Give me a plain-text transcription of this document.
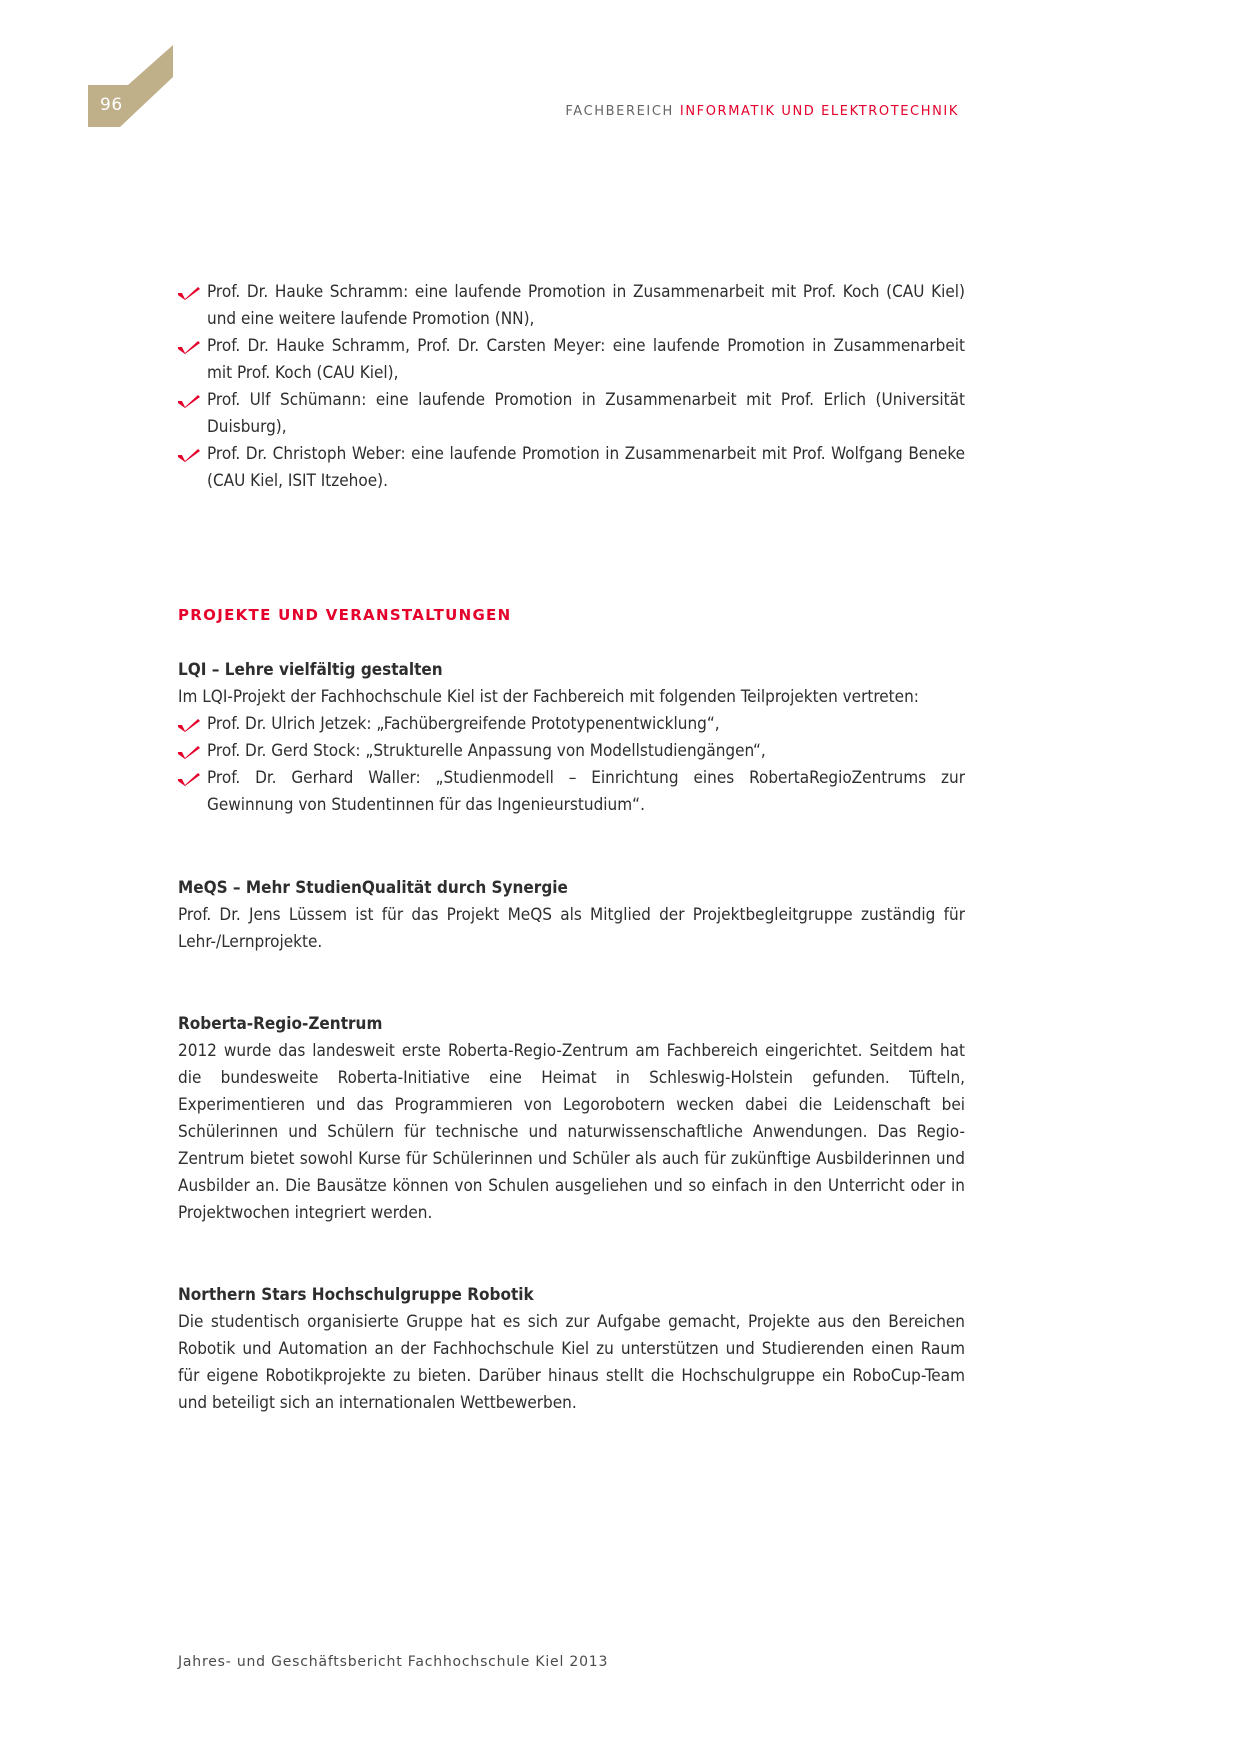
96	FACHBEREICH INFORMATIK UND ELEKTROTECHNIK
Prof. Dr. Hauke Schramm: eine laufende Promotion in Zusammenarbeit mit Prof. Koch (CAU Kiel) und eine weitere laufende Promotion (NN),
Prof. Dr. Hauke Schramm, Prof. Dr. Carsten Meyer: eine laufende Promotion in Zusammenarbeit mit Prof. Koch (CAU Kiel),
Prof. Ulf Schümann: eine laufende Promotion in Zusammenarbeit mit Prof. Erlich (Universität Duisburg),
Prof. Dr. Christoph Weber: eine laufende Promotion in Zusammenarbeit mit Prof. Wolfgang Beneke (CAU Kiel, ISIT Itzehoe).
PROJEKTE UND VERANSTALTUNGEN
LQI – Lehre vielfältig gestalten

Im LQI-Projekt der Fachhochschule Kiel ist der Fachbereich mit folgenden Teilprojekten vertreten:

Prof. Dr. Ulrich Jetzek: „Fachübergreifende Prototypenentwicklung“,
Prof. Dr. Gerd Stock: „Strukturelle Anpassung von Modellstudiengängen“,
Prof. Dr. Gerhard Waller: „Studienmodell – Einrichtung eines RobertaRegioZentrums zur Gewinnung von Studentinnen für das Ingenieurstudium“.
MeQS – Mehr StudienQualität durch Synergie

Prof. Dr. Jens Lüssem ist für das Projekt MeQS als Mitglied der Projektbegleitgruppe zuständig für Lehr-/Lernprojekte.

Roberta-Regio-Zentrum

2012 wurde das landesweit erste Roberta-Regio-Zentrum am Fachbereich eingerichtet. Seitdem hat die bundesweite Roberta-Initiative eine Heimat in Schleswig-Holstein gefunden. Tüfteln, Experimentieren und das Programmieren von Legorobotern wecken dabei die Leidenschaft bei Schülerinnen und Schülern für technische und naturwissenschaftliche Anwendungen. Das Regio-Zentrum bietet sowohl Kurse für Schülerinnen und Schüler als auch für zukünftige Ausbilderinnen und Ausbilder an. Die Bausätze können von Schulen ausgeliehen und so einfach in den Unterricht oder in Projektwochen integriert werden.

Northern Stars Hochschulgruppe Robotik

Die studentisch organisierte Gruppe hat es sich zur Aufgabe gemacht, Projekte aus den Bereichen Robotik und Automation an der Fachhochschule Kiel zu unterstützen und Studierenden einen Raum für eigene Robotikprojekte zu bieten. Darüber hinaus stellt die Hochschulgruppe ein RoboCup-Team und beteiligt sich an internationalen Wettbewerben.

Jahres- und Geschäftsbericht Fachhochschule Kiel 2013
